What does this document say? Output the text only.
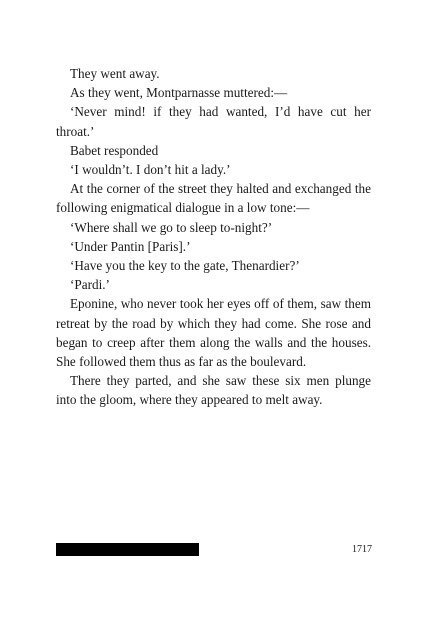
They went away.

As they went, Montparnasse muttered:—

‘Never mind! if they had wanted, I’d have cut her throat.’

Babet responded

‘I wouldn’t. I don’t hit a lady.’

At the corner of the street they halted and exchanged the following enigmatical dialogue in a low tone:—

‘Where shall we go to sleep to-night?’

‘Under Pantin [Paris].’

‘Have you the key to the gate, Thenardier?’

‘Pardi.’

Eponine, who never took her eyes off of them, saw them retreat by the road by which they had come. She rose and began to creep after them along the walls and the houses. She followed them thus as far as the boulevard.

There they parted, and she saw these six men plunge into the gloom, where they appeared to melt away.

1717
